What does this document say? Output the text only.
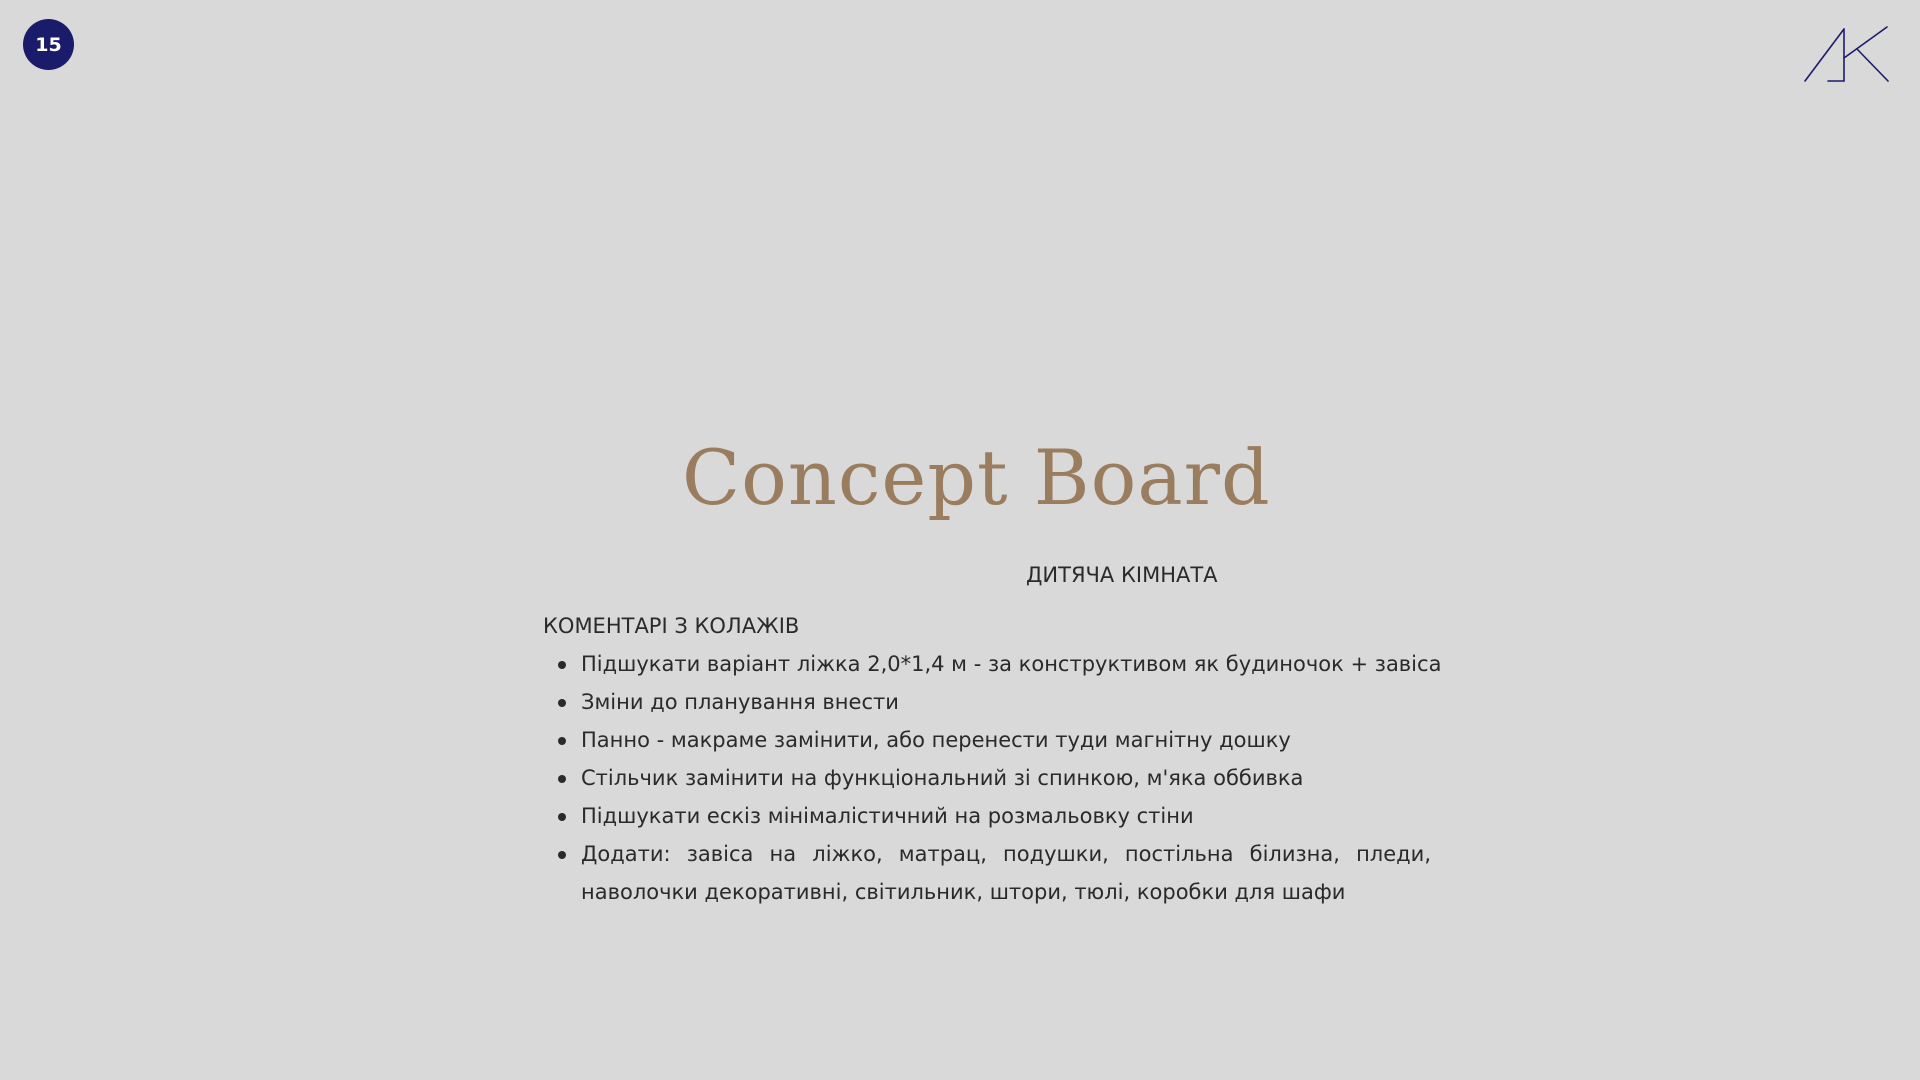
15
Concept Board
ДИТЯЧА КІМНАТА

КОМЕНТАРІ З КОЛАЖІВ

Підшукати варіант ліжка 2,0*1,4 м - за конструктивом як будиночок + завіса
Зміни до планування внести
Панно - макраме замінити, або перенести туди магнітну дошку
Стільчик замінити на функціональний зі спинкою, м'яка оббивка
Підшукати ескіз мінімалістичний на розмальовку стіни
Додати: завіса на ліжко, матрац, подушки, постільна білизна, пледи, наволочки декоративні, світильник, штори, тюлі, коробки для шафи
